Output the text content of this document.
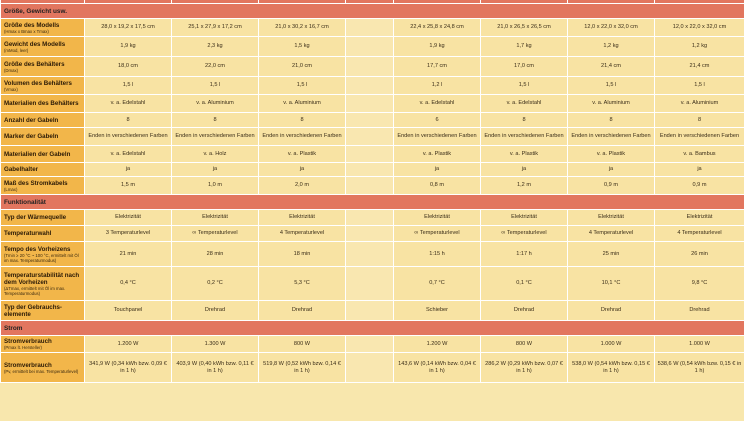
Größe, Gewicht usw.								
Größe des Modells
(Hmax x Bmax x Tmax)	28,0 x 19,2 x 17,5 cm	25,1 x 27,9 x 17,2 cm	21,0 x 30,2 x 16,7 cm		22,4 x 25,8 x 24,8 cm	21,0 x 26,5 x 26,5 cm	12,0 x 22,0 x 32,0 cm	12,0 x 22,0 x 32,0 cm
Gewicht des Modells
(mMod, leer)	1,9 kg	2,3 kg	1,5 kg		1,9 kg	1,7 kg	1,2 kg	1,2 kg
Größe des Behälters
(Dmax)	18,0 cm	22,0 cm	21,0 cm		17,7 cm	17,0 cm	21,4 cm	21,4 cm
Volumen des Behälters
(Vmax)	1,5 l	1,5 l	1,5 l		1,2 l	1,5 l	1,5 l	1,5 l
Materialien des Behälters	v. a. Edelstahl	v. a. Aluminium	v. a. Aluminium		v. a. Edelstahl	v. a. Edelstahl	v. a. Aluminium	v. a. Aluminium
Anzahl der Gabeln	8	8	8		6	8	8	8
Marker der Gabeln	Enden in verschiedenen Farben	Enden in verschiedenen Farben	Enden in verschiedenen Farben		Enden in verschiedenen Farben	Enden in verschiedenen Farben	Enden in verschiedenen Farben	Enden in verschiedenen Farben
Materialien der Gabeln	v. a. Edelstahl	v. a. Holz	v. a. Plastik		v. a. Plastik	v. a. Plastik	v. a. Plastik	v. a. Bambus
Gabelhalter	ja	ja	ja		ja	ja	ja	ja
Maß des Stromkabels
(Lmax)	1,5 m	1,0 m	2,0 m		0,8 m	1,2 m	0,9 m	0,9 m
Funktionalität								
Typ der Wärmequelle	Elektrizität	Elektrizität	Elektrizität		Elektrizität	Elektrizität	Elektrizität	Elektrizität
Temperaturwahl	3 Temperaturlevel	∞ Temperaturlevel	4 Temperaturlevel		∞ Temperaturlevel	∞ Temperaturlevel	4 Temperaturlevel	4 Temperaturlevel
Tempo des Vorheizens
(Tmin ≥ 20 °C ~ 100 °C, ermittelt mit Öl im max. Temperaturmodus)	21 min	28 min	18 min		1:15 h	1:17 h	25 min	26 min
Temperaturstabilität nach dem Vorheizen
(ΔTmax, ermittelt mit Öl im max. Temperaturmodus)	0,4 °C	0,2 °C	5,3 °C		0,7 °C	0,1 °C	10,1 °C	9,8 °C
Typ der Gebrauchs-elemente	Touchpanel	Drehrad	Drehrad		Schieber	Drehrad	Drehrad	Drehrad
Strom								
Stromverbrauch
(Pmax lt. Hersteller)	1.200 W	1.300 W	800 W		1.200 W	800 W	1.000 W	1.000 W
Stromverbrauch
(Pv, ermittelt bei max. Temperaturlevel)	341,9 W (0,34 kWh bzw. 0,09 € in 1 h)	403,9 W (0,40 kWh bzw. 0,11 € in 1 h)	519,8 W (0,52 kWh bzw. 0,14 € in 1 h)		143,6 W (0,14 kWh bzw. 0,04 € in 1 h)	286,2 W (0,29 kWh bzw. 0,07 € in 1 h)	538,0 W (0,54 kWh bzw. 0,15 € in 1 h)	538,6 W (0,54 kWh bzw. 0,15 € in 1 h)
